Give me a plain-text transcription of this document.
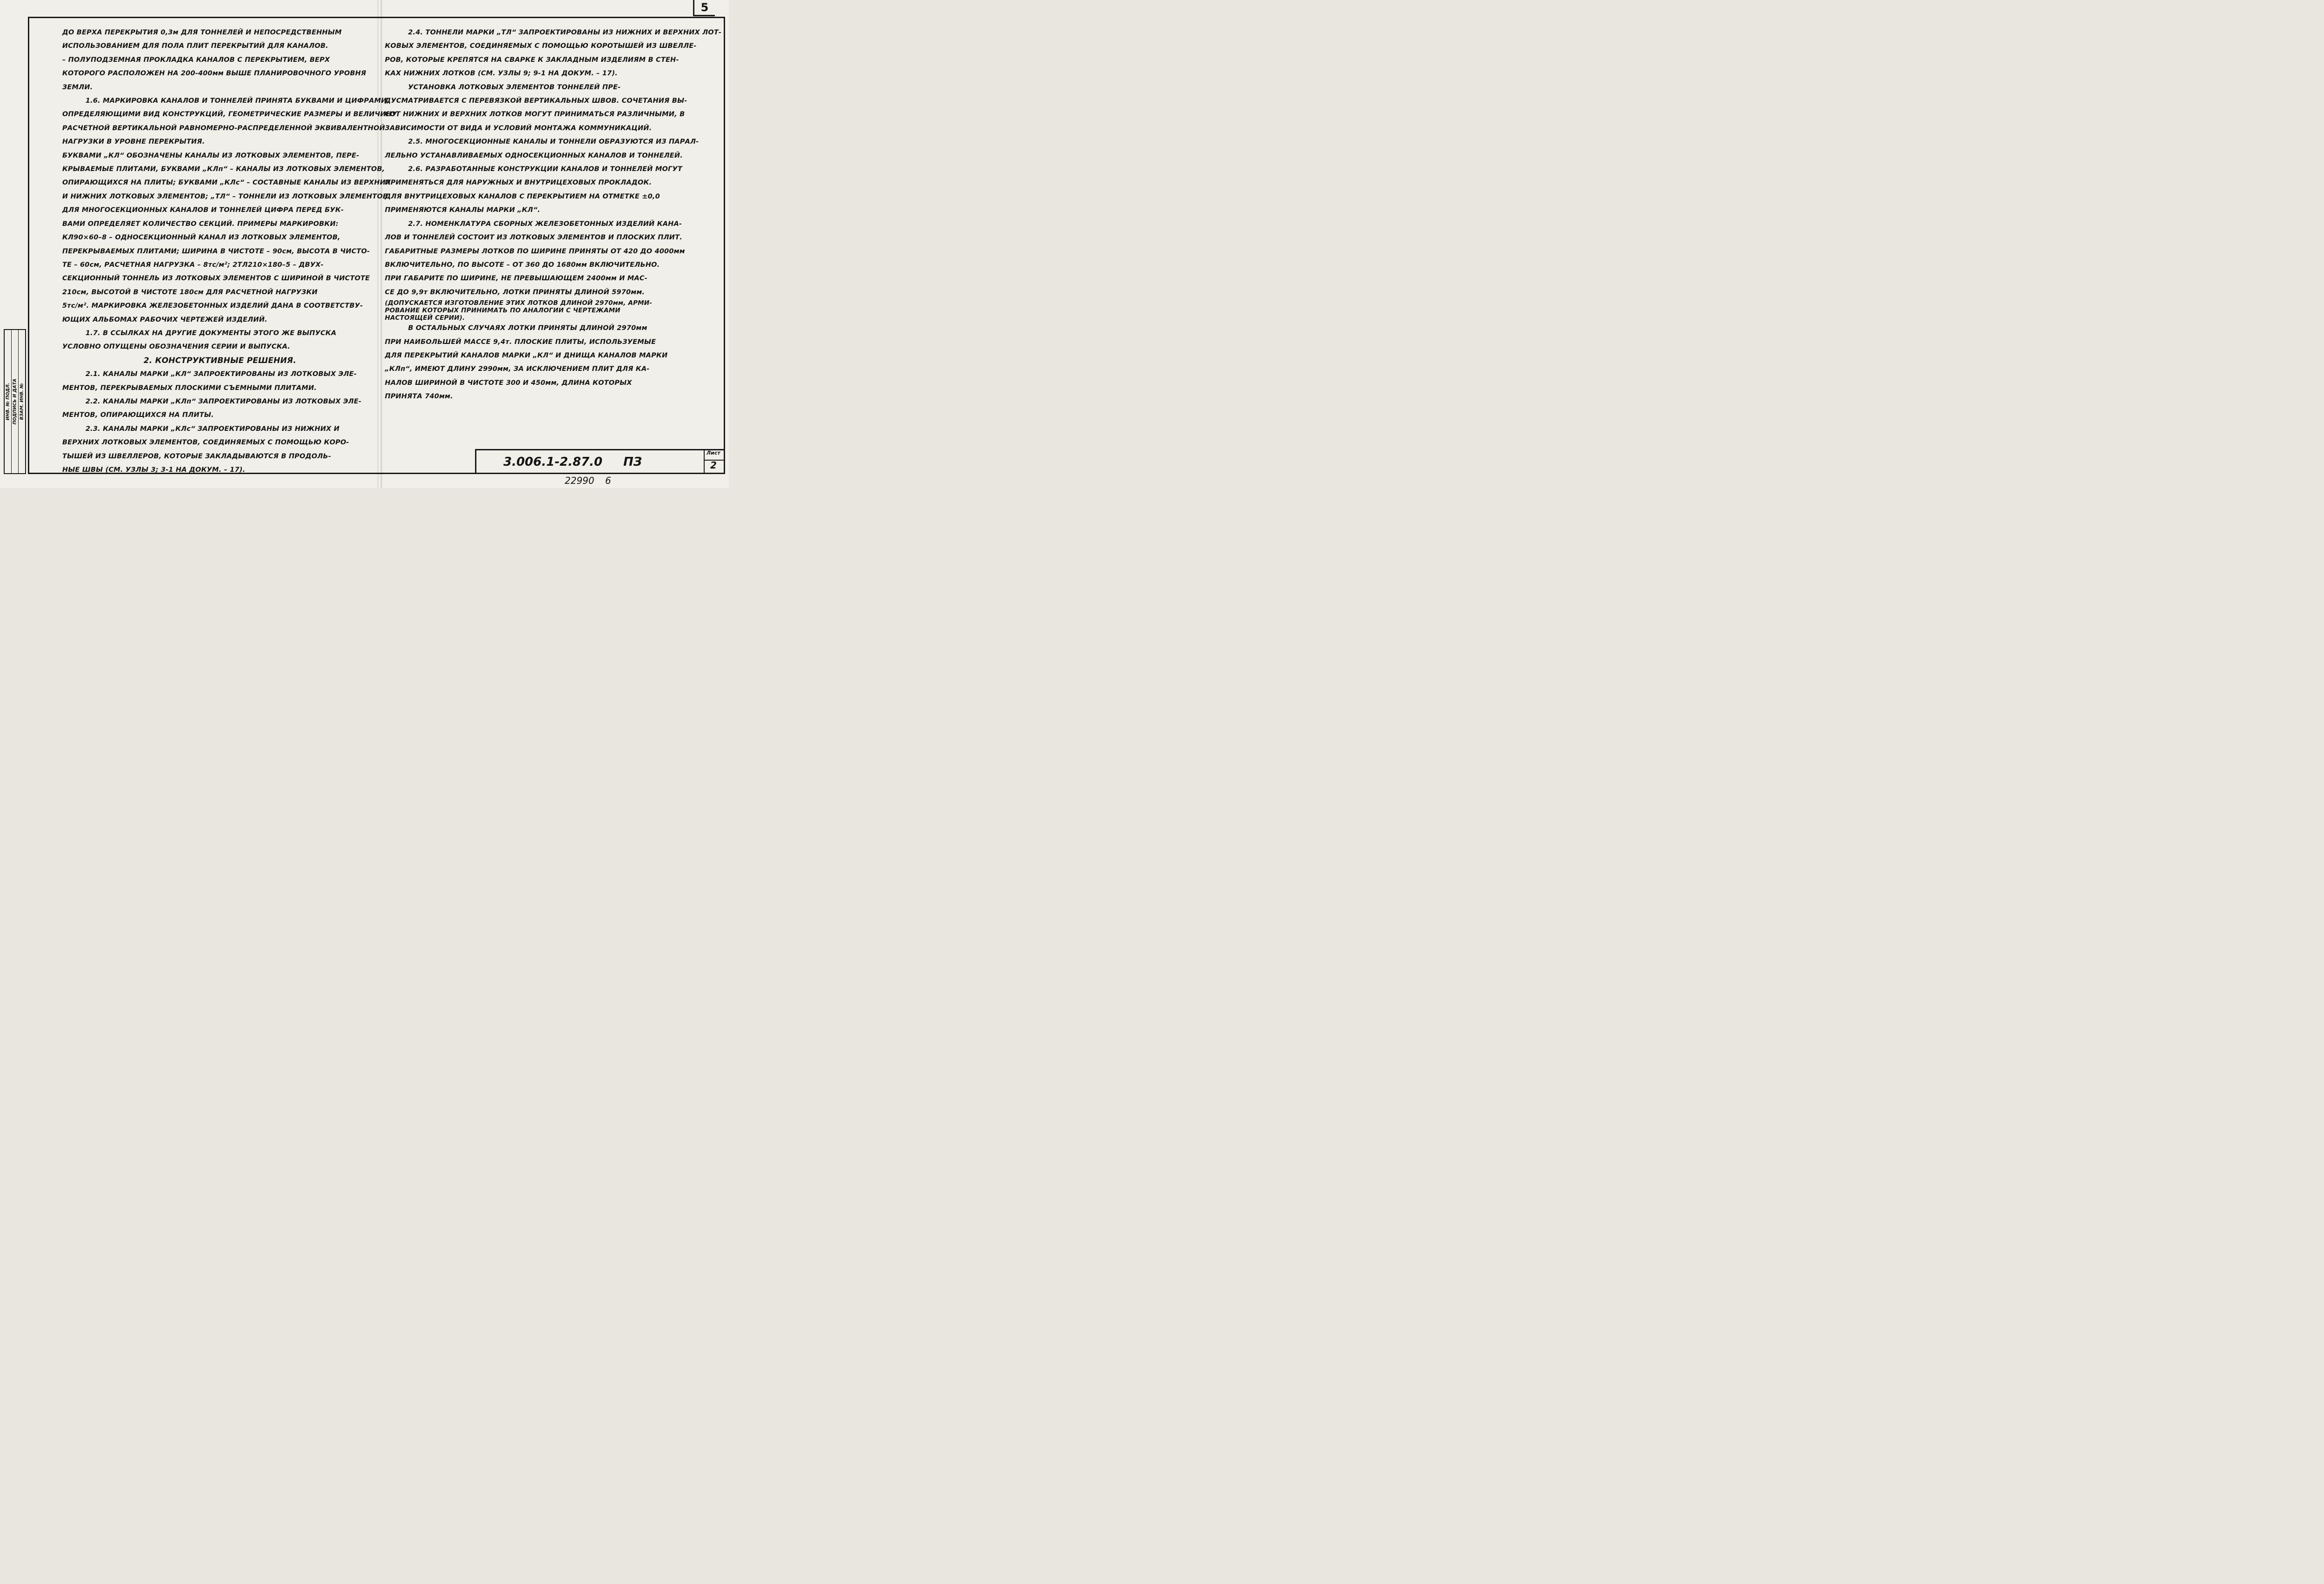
5

ДО ВЕРХА ПЕРЕКРЫТИЯ 0,3м ДЛЯ ТОННЕЛЕЙ И НЕПОСРЕДСТВЕННЫМ

ИСПОЛЬЗОВАНИЕМ ДЛЯ ПОЛА ПЛИТ ПЕРЕКРЫТИЙ ДЛЯ КАНАЛОВ.

– ПОЛУПОДЗЕМНАЯ ПРОКЛАДКА КАНАЛОВ С ПЕРЕКРЫТИЕМ, ВЕРХ

КОТОРОГО РАСПОЛОЖЕН НА 200-400мм ВЫШЕ ПЛАНИРОВОЧНОГО УРОВНЯ

ЗЕМЛИ.

1.6. МАРКИРОВКА КАНАЛОВ И ТОННЕЛЕЙ ПРИНЯТА БУКВАМИ И ЦИФРАМИ,

ОПРЕДЕЛЯЮЩИМИ ВИД КОНСТРУКЦИЙ, ГЕОМЕТРИЧЕСКИЕ РАЗМЕРЫ И ВЕЛИЧИНУ

РАСЧЕТНОЙ ВЕРТИКАЛЬНОЙ РАВНОМЕРНО-РАСПРЕДЕЛЕННОЙ ЭКВИВАЛЕНТНОЙ

НАГРУЗКИ В УРОВНЕ ПЕРЕКРЫТИЯ.

БУКВАМИ „КЛ“ ОБОЗНАЧЕНЫ КАНАЛЫ ИЗ ЛОТКОВЫХ ЭЛЕМЕНТОВ, ПЕРЕ-

КРЫВАЕМЫЕ ПЛИТАМИ, БУКВАМИ „КЛп“ – КАНАЛЫ ИЗ ЛОТКОВЫХ ЭЛЕМЕНТОВ,

ОПИРАЮЩИХСЯ НА ПЛИТЫ; БУКВАМИ „КЛс“ – СОСТАВНЫЕ КАНАЛЫ ИЗ ВЕРХНИХ

И НИЖНИХ ЛОТКОВЫХ ЭЛЕМЕНТОВ; „ТЛ“ – ТОННЕЛИ ИЗ ЛОТКОВЫХ ЭЛЕМЕНТОВ.

ДЛЯ МНОГОСЕКЦИОННЫХ КАНАЛОВ И ТОННЕЛЕЙ ЦИФРА ПЕРЕД БУК-

ВАМИ ОПРЕДЕЛЯЕТ КОЛИЧЕСТВО СЕКЦИЙ. ПРИМЕРЫ МАРКИРОВКИ:

КЛ90×60–8 – ОДНОСЕКЦИОННЫЙ КАНАЛ ИЗ ЛОТКОВЫХ ЭЛЕМЕНТОВ,

ПЕРЕКРЫВАЕМЫХ ПЛИТАМИ; ШИРИНА В ЧИСТОТЕ – 90см, ВЫСОТА В ЧИСТО-

ТЕ – 60см, РАСЧЕТНАЯ НАГРУЗКА – 8тс/м²; 2ТЛ210×180–5 – ДВУХ-

СЕКЦИОННЫЙ ТОННЕЛЬ ИЗ ЛОТКОВЫХ ЭЛЕМЕНТОВ С ШИРИНОЙ В ЧИСТОТЕ

210см, ВЫСОТОЙ В ЧИСТОТЕ 180см ДЛЯ РАСЧЕТНОЙ НАГРУЗКИ

5тс/м². МАРКИРОВКА ЖЕЛЕЗОБЕТОННЫХ ИЗДЕЛИЙ ДАНА В СООТВЕТСТВУ-

ЮЩИХ АЛЬБОМАХ РАБОЧИХ ЧЕРТЕЖЕЙ ИЗДЕЛИЙ.

1.7. В ССЫЛКАХ НА ДРУГИЕ ДОКУМЕНТЫ ЭТОГО ЖЕ ВЫПУСКА

УСЛОВНО ОПУЩЕНЫ ОБОЗНАЧЕНИЯ СЕРИИ И ВЫПУСКА.

2. КОНСТРУКТИВНЫЕ РЕШЕНИЯ.

2.1. КАНАЛЫ МАРКИ „КЛ“ ЗАПРОЕКТИРОВАНЫ ИЗ ЛОТКОВЫХ ЭЛЕ-

МЕНТОВ, ПЕРЕКРЫВАЕМЫХ ПЛОСКИМИ СЪЕМНЫМИ ПЛИТАМИ.

2.2. КАНАЛЫ МАРКИ „КЛп“ ЗАПРОЕКТИРОВАНЫ ИЗ ЛОТКОВЫХ ЭЛЕ-

МЕНТОВ, ОПИРАЮЩИХСЯ НА ПЛИТЫ.

2.3. КАНАЛЫ МАРКИ „КЛс“ ЗАПРОЕКТИРОВАНЫ ИЗ НИЖНИХ И

ВЕРХНИХ ЛОТКОВЫХ ЭЛЕМЕНТОВ, СОЕДИНЯЕМЫХ С ПОМОЩЬЮ КОРО-

ТЫШЕЙ ИЗ ШВЕЛЛЕРОВ, КОТОРЫЕ ЗАКЛАДЫВАЮТСЯ В ПРОДОЛЬ-

НЫЕ ШВЫ (СМ. УЗЛЫ 3; 3-1 НА ДОКУМ. – 17).

2.4. ТОННЕЛИ МАРКИ „ТЛ“ ЗАПРОЕКТИРОВАНЫ ИЗ НИЖНИХ И ВЕРХНИХ ЛОТ-

КОВЫХ ЭЛЕМЕНТОВ, СОЕДИНЯЕМЫХ С ПОМОЩЬЮ КОРОТЫШЕЙ ИЗ ШВЕЛЛЕ-

РОВ, КОТОРЫЕ КРЕПЯТСЯ НА СВАРКЕ К ЗАКЛАДНЫМ ИЗДЕЛИЯМ В СТЕН-

КАХ НИЖНИХ ЛОТКОВ (СМ. УЗЛЫ 9; 9-1 НА ДОКУМ. – 17).

УСТАНОВКА ЛОТКОВЫХ ЭЛЕМЕНТОВ ТОННЕЛЕЙ ПРЕ-

ДУСМАТРИВАЕТСЯ С ПЕРЕВЯЗКОЙ ВЕРТИКАЛЬНЫХ ШВОВ. СОЧЕТАНИЯ ВЫ-

СОТ НИЖНИХ И ВЕРХНИХ ЛОТКОВ МОГУТ ПРИНИМАТЬСЯ РАЗЛИЧНЫМИ, В

ЗАВИСИМОСТИ ОТ ВИДА И УСЛОВИЙ МОНТАЖА КОММУНИКАЦИЙ.

2.5. МНОГОСЕКЦИОННЫЕ КАНАЛЫ И ТОННЕЛИ ОБРАЗУЮТСЯ ИЗ ПАРАЛ-

ЛЕЛЬНО УСТАНАВЛИВАЕМЫХ ОДНОСЕКЦИОННЫХ КАНАЛОВ И ТОННЕЛЕЙ.

2.6. РАЗРАБОТАННЫЕ КОНСТРУКЦИИ КАНАЛОВ И ТОННЕЛЕЙ МОГУТ

ПРИМЕНЯТЬСЯ ДЛЯ НАРУЖНЫХ И ВНУТРИЦЕХОВЫХ ПРОКЛАДОК.

ДЛЯ ВНУТРИЦЕХОВЫХ КАНАЛОВ С ПЕРЕКРЫТИЕМ НА ОТМЕТКЕ ±0,0

ПРИМЕНЯЮТСЯ КАНАЛЫ МАРКИ „КЛ“.

2.7. НОМЕНКЛАТУРА СБОРНЫХ ЖЕЛЕЗОБЕТОННЫХ ИЗДЕЛИЙ КАНА-

ЛОВ И ТОННЕЛЕЙ СОСТОИТ ИЗ ЛОТКОВЫХ ЭЛЕМЕНТОВ И ПЛОСКИХ ПЛИТ.

ГАБАРИТНЫЕ РАЗМЕРЫ ЛОТКОВ ПО ШИРИНЕ ПРИНЯТЫ ОТ 420 ДО 4000мм

ВКЛЮЧИТЕЛЬНО, ПО ВЫСОТЕ – ОТ 360 ДО 1680мм ВКЛЮЧИТЕЛЬНО.

ПРИ ГАБАРИТЕ ПО ШИРИНЕ, НЕ ПРЕВЫШАЮЩЕМ 2400мм И МАС-

СЕ ДО 9,9т ВКЛЮЧИТЕЛЬНО, ЛОТКИ ПРИНЯТЫ ДЛИНОЙ 5970мм.

(ДОПУСКАЕТСЯ ИЗГОТОВЛЕНИЕ ЭТИХ ЛОТКОВ ДЛИНОЙ 2970мм, АРМИ-

РОВАНИЕ КОТОРЫХ ПРИНИМАТЬ ПО АНАЛОГИИ С ЧЕРТЕЖАМИ

НАСТОЯЩЕЙ СЕРИИ).

В ОСТАЛЬНЫХ СЛУЧАЯХ ЛОТКИ ПРИНЯТЫ ДЛИНОЙ 2970мм

ПРИ НАИБОЛЬШЕЙ МАССЕ 9,4т. ПЛОСКИЕ ПЛИТЫ, ИСПОЛЬЗУЕМЫЕ

ДЛЯ ПЕРЕКРЫТИЙ КАНАЛОВ МАРКИ „КЛ“ И ДНИЩА КАНАЛОВ МАРКИ

„КЛп“, ИМЕЮТ ДЛИНУ 2990мм, ЗА ИСКЛЮЧЕНИЕМ ПЛИТ ДЛЯ КА-

НАЛОВ ШИРИНОЙ В ЧИСТОТЕ 300 И 450мм, ДЛИНА КОТОРЫХ

ПРИНЯТА 740мм.

ИНВ. № ПОДЛ. ПОДПИСЬ И ДАТА ВЗАМ. ИНВ. №
3.006.1-2.87.0 ПЗ
Лист
2
22990 6
